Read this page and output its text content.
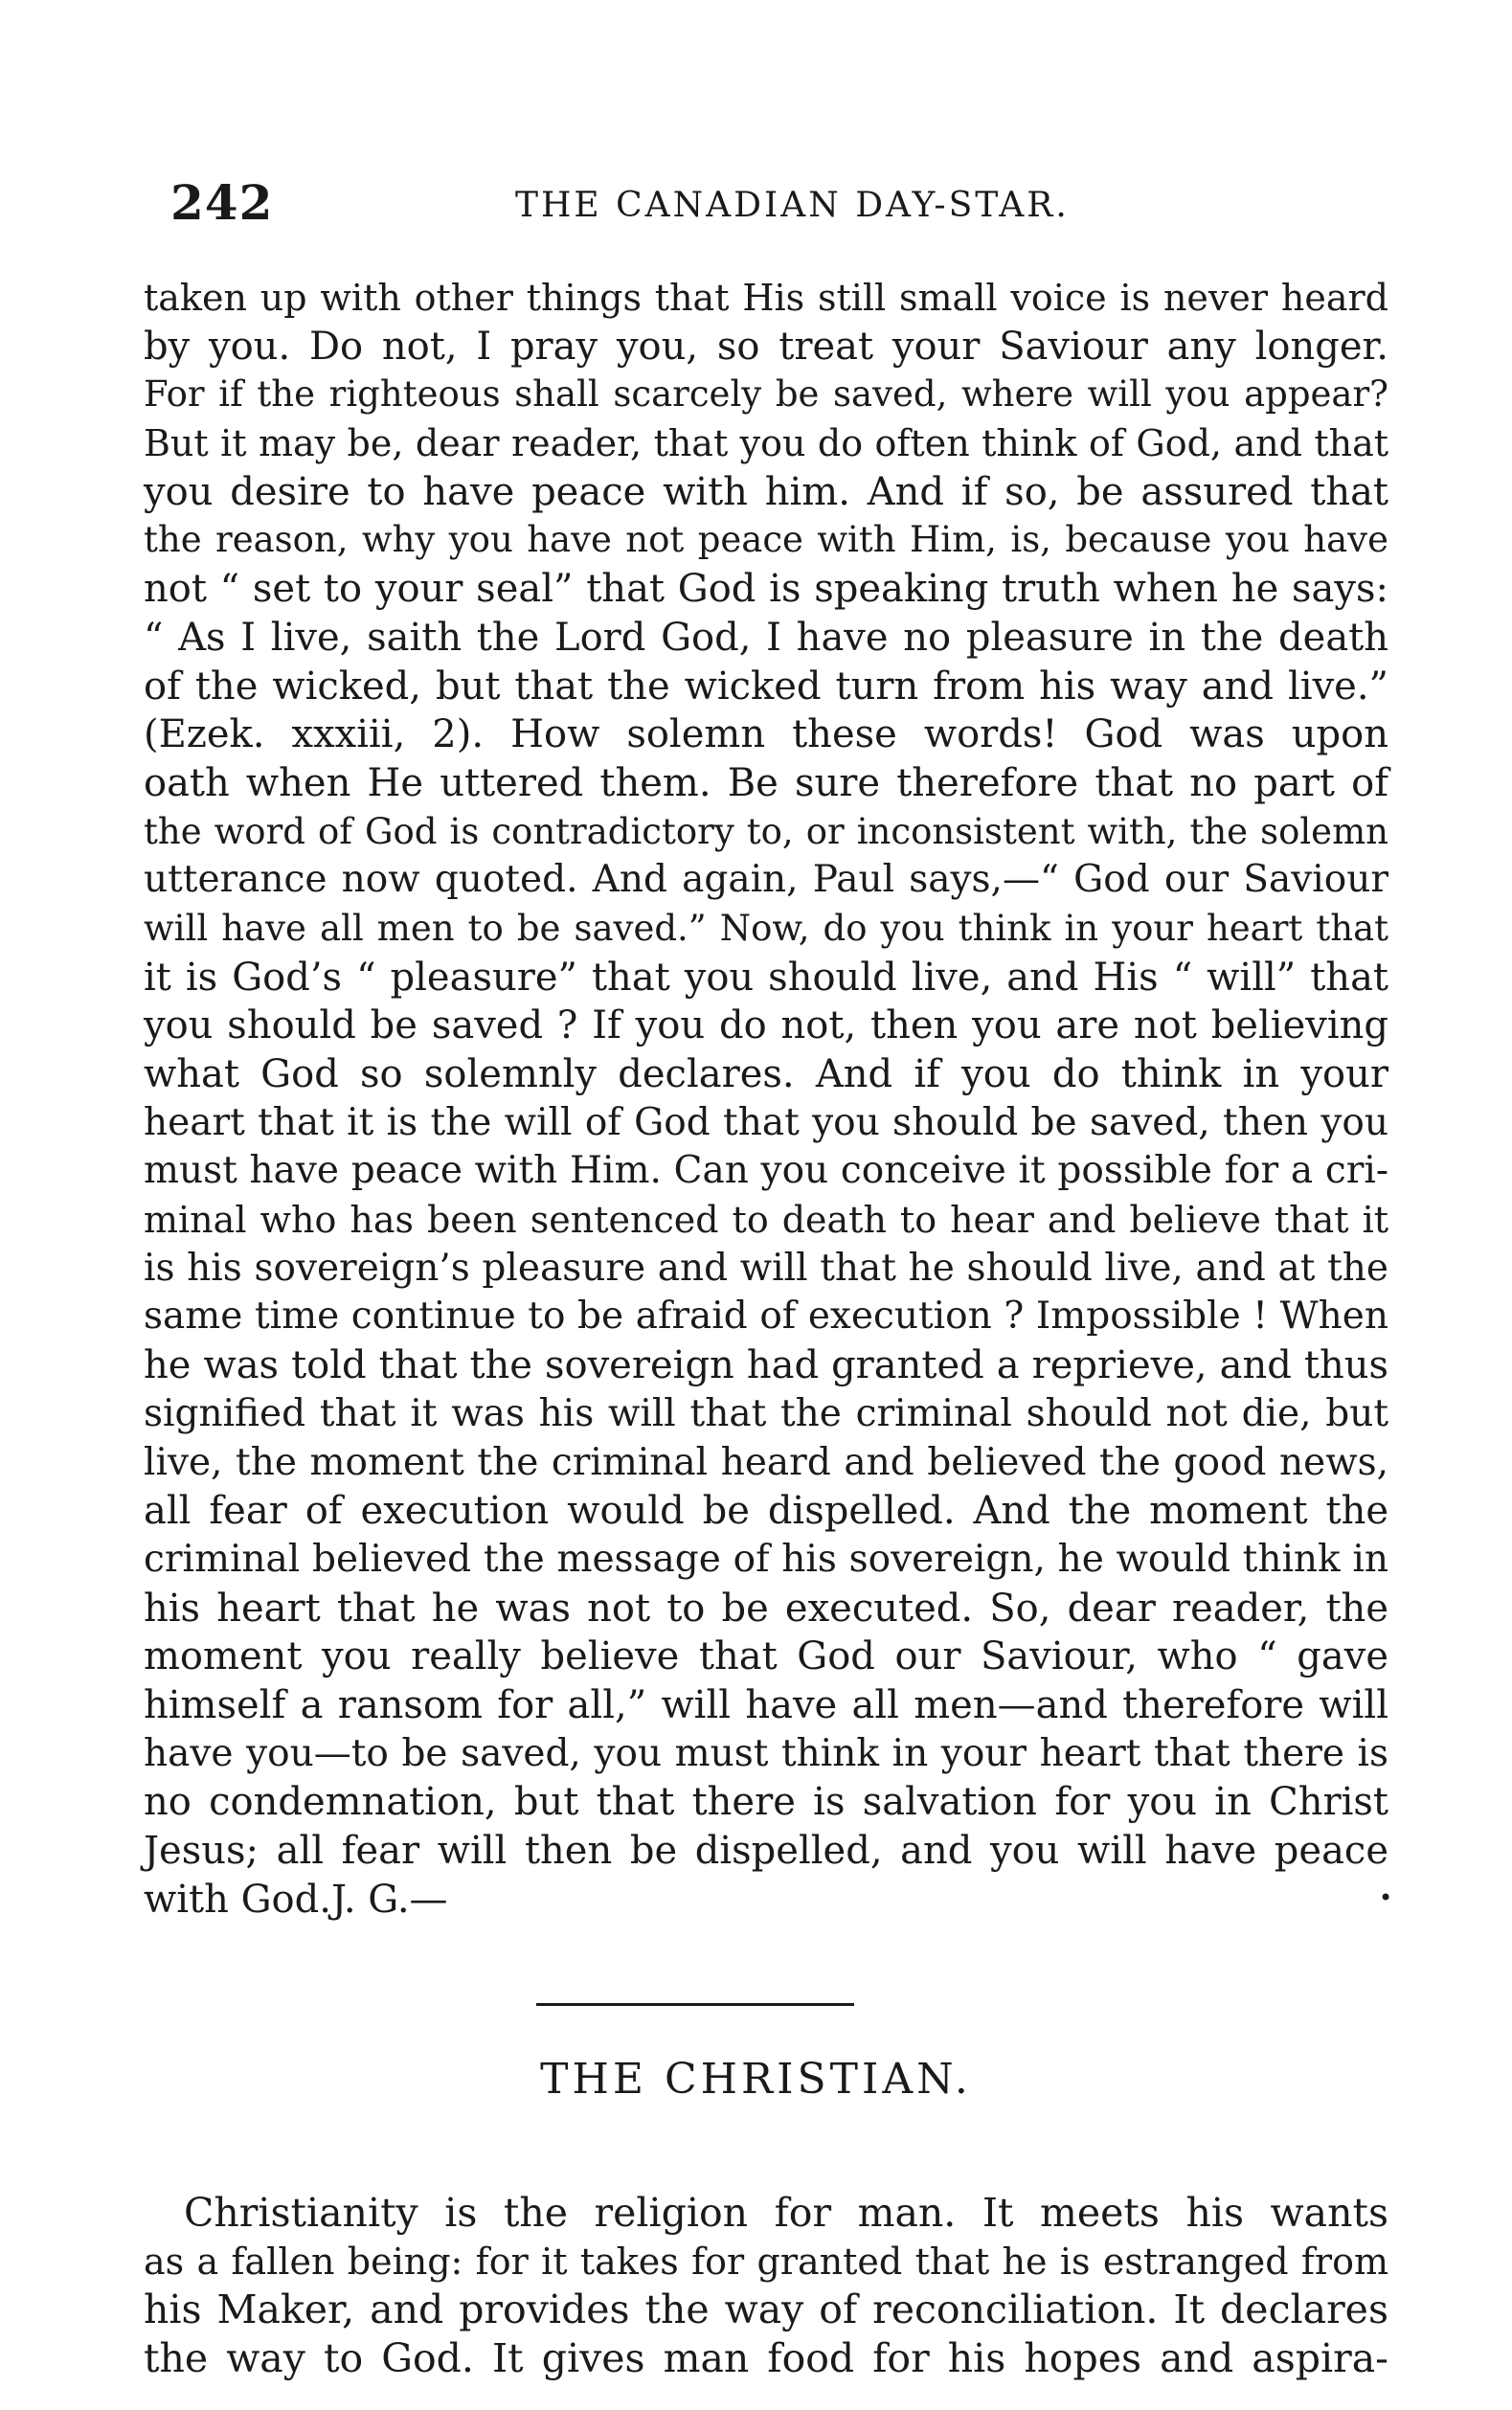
242	THE CANADIAN DAY-STAR.
taken up with other things that His still small voice is never heard
by you. Do not, I pray you, so treat your Saviour any longer.
For if the righteous shall scarcely be saved, where will you appear?
But it may be, dear reader, that you do often think of God, and that
you desire to have peace with him. And if so, be assured that
the reason, why you have not peace with Him, is, because you have
not “ set to your seal” that God is speaking truth when he says:
“ As I live, saith the Lord God, I have no pleasure in the death
of the wicked, but that the wicked turn from his way and live.”
(Ezek. xxxiii, 2). How solemn these words! God was upon
oath when He uttered them. Be sure therefore that no part of
the word of God is contradictory to, or inconsistent with, the solemn
utterance now quoted. And again, Paul says,—“ God our Saviour
will have all men to be saved.” Now, do you think in your heart that
it is God’s “ pleasure” that you should live, and His “ will” that
you should be saved ? If you do not, then you are not believing
what God so solemnly declares. And if you do think in your
heart that it is the will of God that you should be saved, then you
must have peace with Him. Can you conceive it possible for a cri-
minal who has been sentenced to death to hear and believe that it
is his sovereign’s pleasure and will that he should live, and at the
same time continue to be afraid of execution ? Impossible ! When
he was told that the sovereign had granted a reprieve, and thus
signified that it was his will that the criminal should not die, but
live, the moment the criminal heard and believed the good news,
all fear of execution would be dispelled. And the moment the
criminal believed the message of his sovereign, he would think in
his heart that he was not to be executed. So, dear reader, the
moment you really believe that God our Saviour, who “ gave
himself a ransom for all,” will have all men—and therefore will
have you—to be saved, you must think in your heart that there is
no condemnation, but that there is salvation for you in Christ
Jesus; all fear will then be dispelled, and you will have peace
with God.J. G.—	•
THE CHRISTIAN.
Christianity is the religion for man. It meets his wants
as a fallen being: for it takes for granted that he is estranged from
his Maker, and provides the way of reconciliation. It declares
the way to God. It gives man food for his hopes and aspira-
